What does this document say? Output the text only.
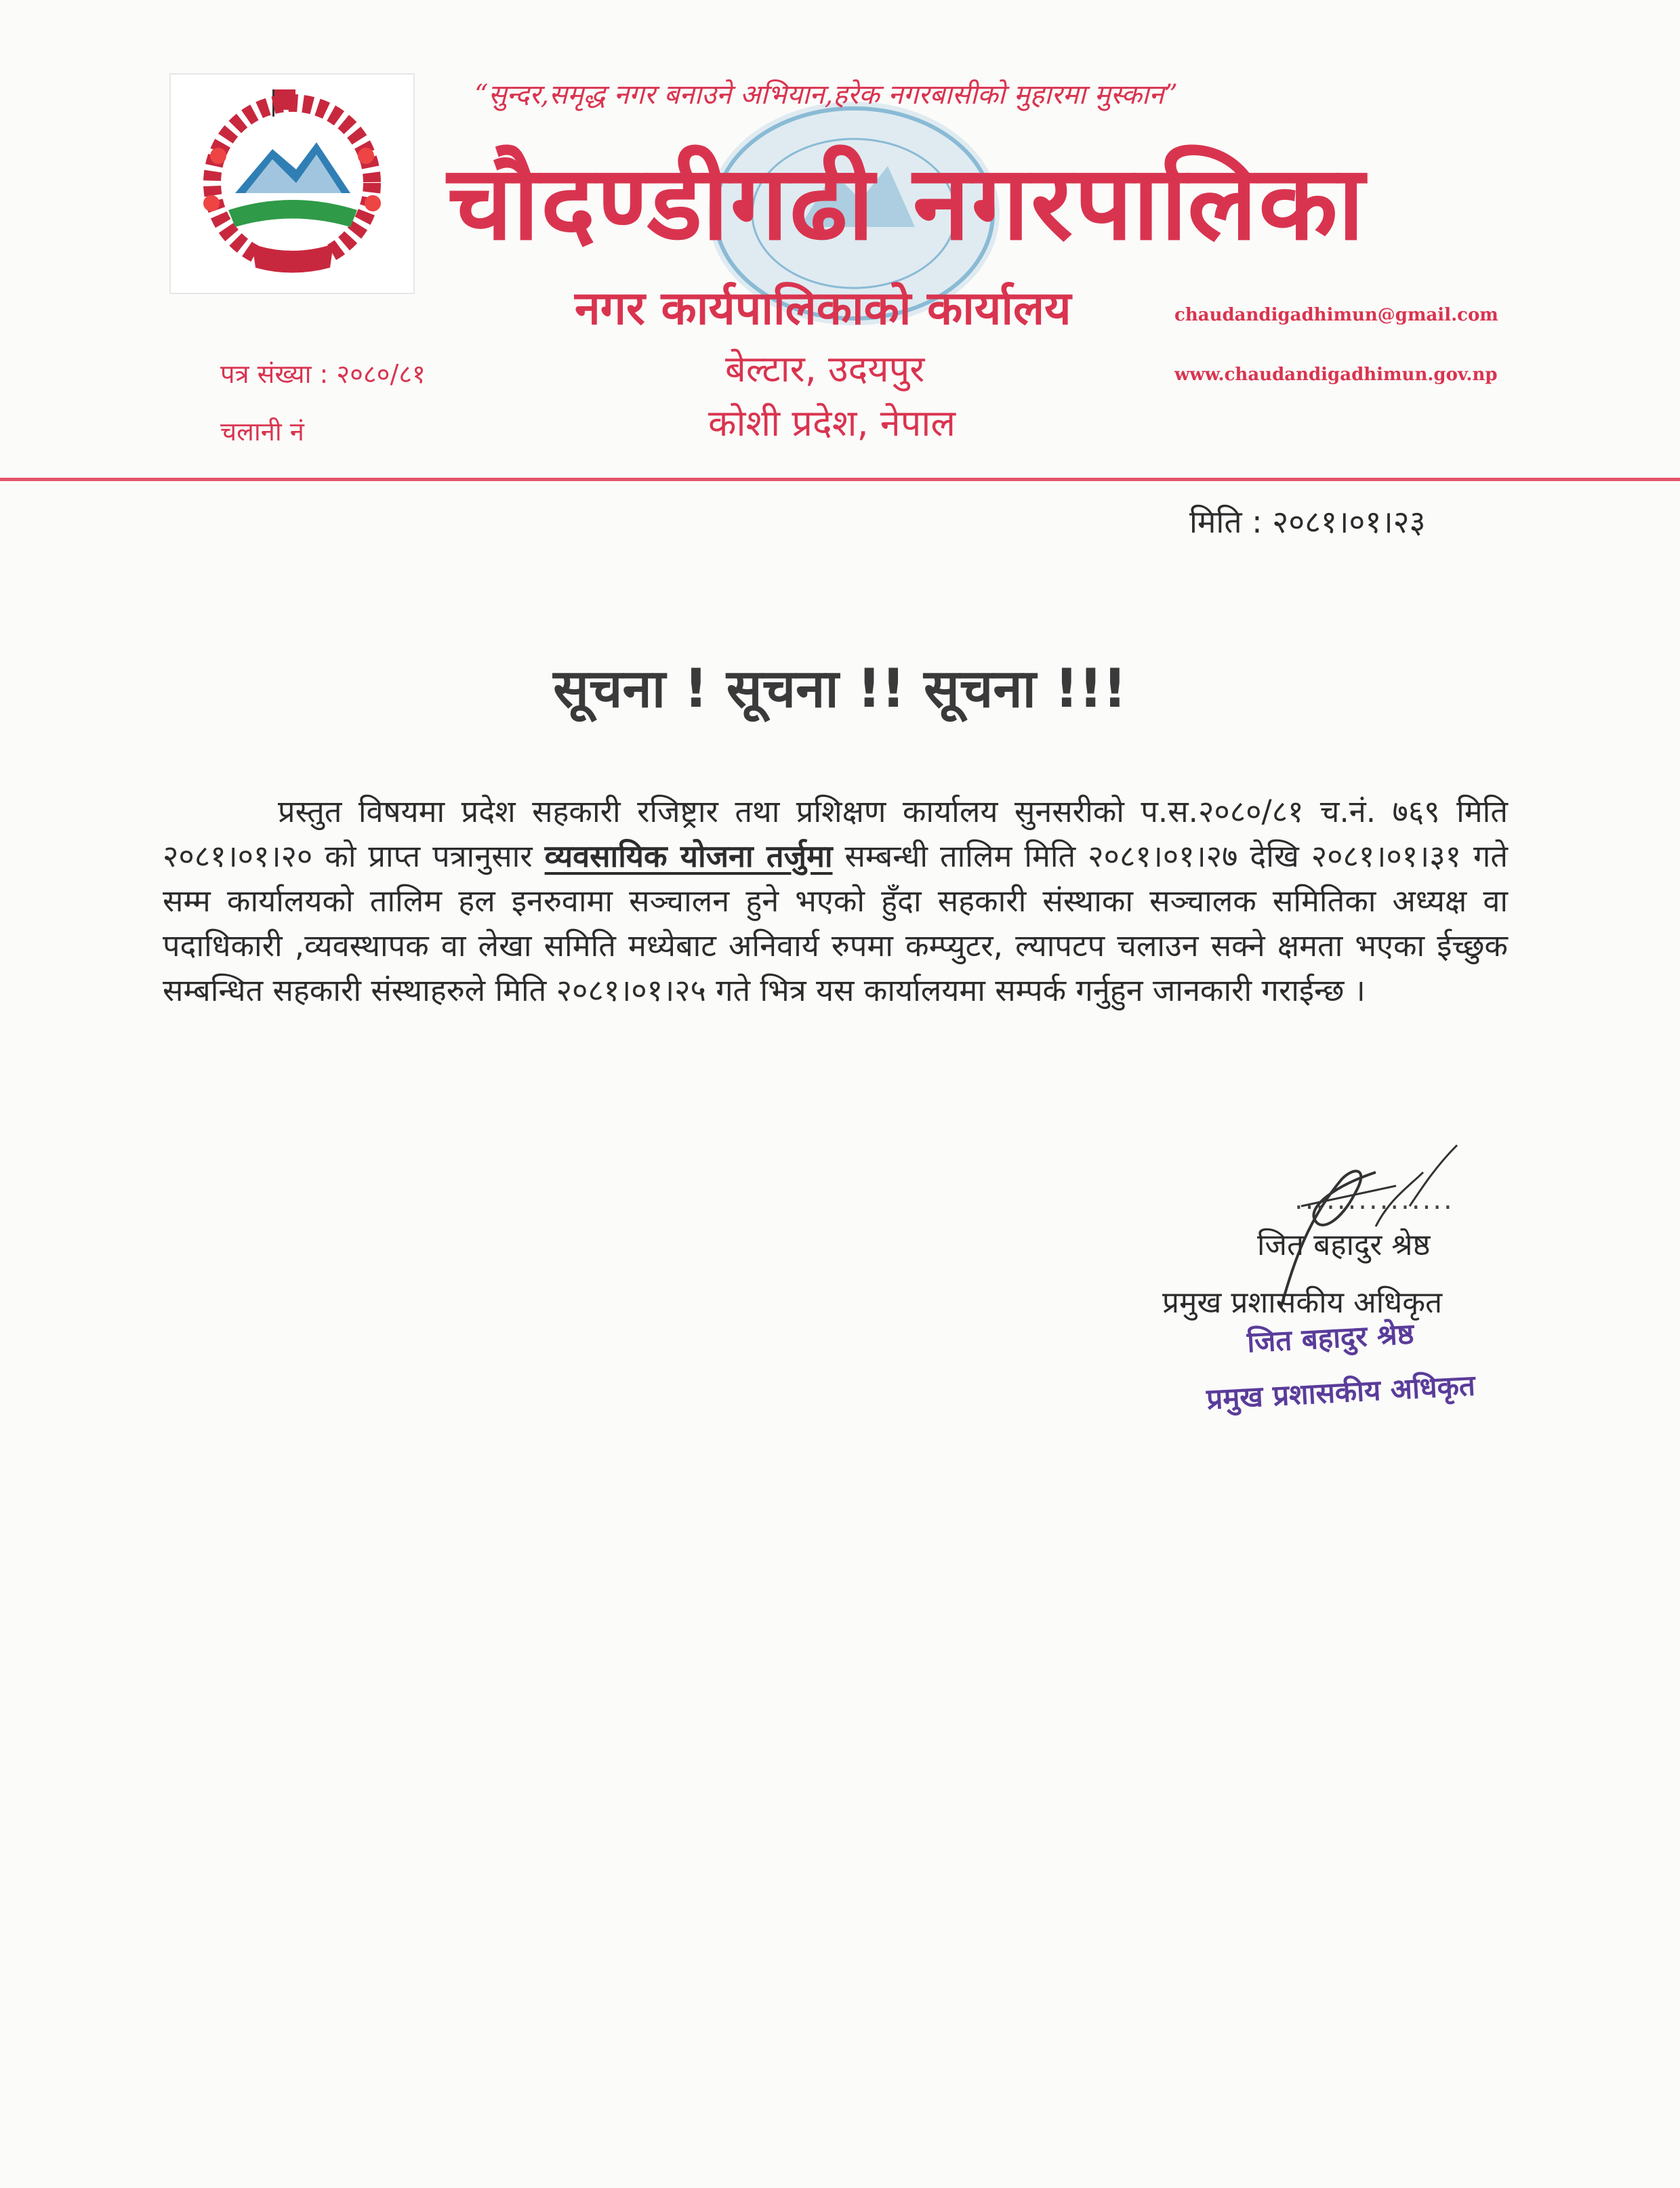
“सुन्दर,समृद्ध नगर बनाउने अभियान,हरेक नगरबासीको मुहारमा मुस्कान”
चौदण्डीगढी नगरपालिका
नगर कार्यपालिकाको कार्यालय	chaudandigadhimun@gmail.com
www.chaudandigadhimun.gov.np
बेल्टार, उदयपुर
कोशी प्रदेश, नेपाल
पत्र संख्या : २०८०/८१
चलानी नं
मिति : २०८१।०१।२३
सूचना ! सूचना !! सूचना !!!
प्रस्तुत विषयमा प्रदेश सहकारी रजिष्ट्रार तथा प्रशिक्षण कार्यालय सुनसरीको प.स.२०८०/८१ च.नं. ७६९ मिति २०८१।०१।२० को प्राप्त पत्रानुसार व्यवसायिक योजना तर्जुमा सम्बन्धी तालिम मिति २०८१।०१।२७ देखि २०८१।०१।३१ गते सम्म कार्यालयको तालिम हल इनरुवामा सञ्चालन हुने भएको हुँदा सहकारी संस्थाका सञ्चालक समितिका अध्यक्ष वा पदाधिकारी ,व्यवस्थापक वा लेखा समिति मध्येबाट अनिवार्य रुपमा कम्प्युटर, ल्यापटप चलाउन सक्ने क्षमता भएका ईच्छुक सम्बन्धित सहकारी संस्थाहरुले मिति २०८१।०१।२५ गते भित्र यस कार्यालयमा सम्पर्क गर्नुहुन जानकारी गराईन्छ ।
...............
जित बहादुर श्रेष्ठ
प्रमुख प्रशासकीय अधिकृत
जित बहादुर श्रेष्ठ
प्रमुख प्रशासकीय अधिकृत
